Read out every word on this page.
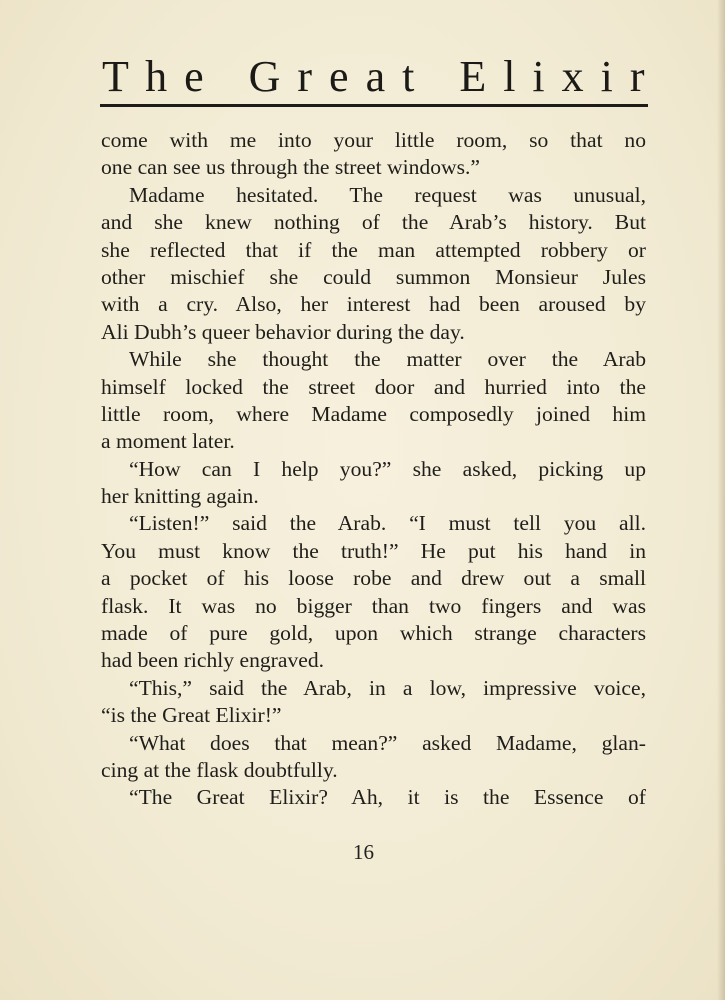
T h e   G r e a t   E l i x i r
come with me into your little room, so that no
one can see us through the street windows.”
Madame hesitated. The request was unusual,
and she knew nothing of the Arab’s history. But
she reflected that if the man attempted robbery or
other mischief she could summon Monsieur Jules
with a cry. Also, her interest had been aroused by
Ali Dubh’s queer behavior during the day.
While she thought the matter over the Arab
himself locked the street door and hurried into the
little room, where Madame composedly joined him
a moment later.
“How can I help you?” she asked, picking up
her knitting again.
“Listen!” said the Arab. “I must tell you all.
You must know the truth!” He put his hand in
a pocket of his loose robe and drew out a small
flask. It was no bigger than two fingers and was
made of pure gold, upon which strange characters
had been richly engraved.
“This,” said the Arab, in a low, impressive voice,
“is the Great Elixir!”
“What does that mean?” asked Madame, glan-
cing at the flask doubtfully.
“The Great Elixir? Ah, it is the Essence of
16
